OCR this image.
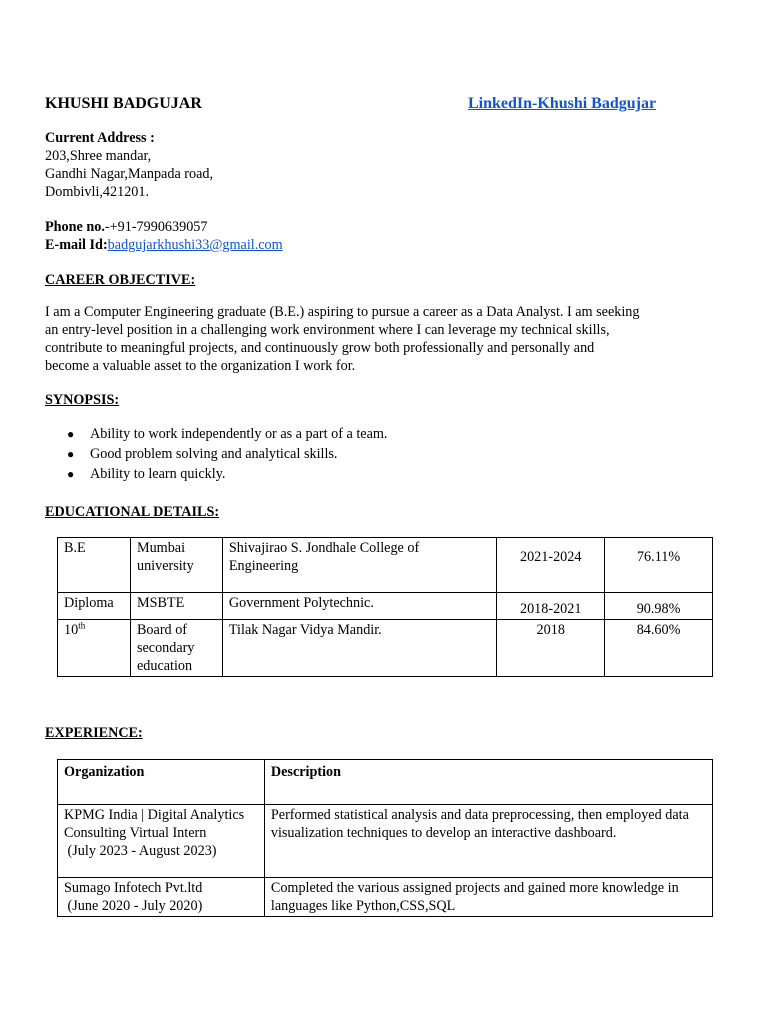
KHUSHI BADGUJAR	LinkedIn-Khushi Badgujar
Current Address :
203,Shree mandar,
Gandhi Nagar,Manpada road,
Dombivli,421201.
Phone no.-+91-7990639057
E-mail Id:badgujarkhushi33@gmail.com
CAREER OBJECTIVE:
I am a Computer Engineering graduate (B.E.) aspiring to pursue a career as a Data Analyst. I am seeking
an entry-level position in a challenging work environment where I can leverage my technical skills,
contribute to meaningful projects, and continuously grow both professionally and personally and
become a valuable asset to the organization I work for.
SYNOPSIS:
● Ability to work independently or as a part of a team.
● Good problem solving and analytical skills.
● Ability to learn quickly.
EDUCATIONAL DETAILS:
B.E	Mumbai university	Shivajirao S. Jondhale College of Engineering	2021-2024	76.11%
Diploma	MSBTE	Government Polytechnic.	2018-2021	90.98%
10th	Board of secondary education	Tilak Nagar Vidya Mandir.	2018	84.60%
EXPERIENCE:
Organization	Description

KPMG India | Digital Analytics
Consulting Virtual Intern
(July 2023 - August 2023)	Performed statistical analysis and data preprocessing, then employed data visualization techniques to develop an interactive dashboard.

Sumago Infotech Pvt.ltd
(June 2020 - July 2020)	Completed the various assigned projects and gained more knowledge in languages like Python,CSS,SQL
